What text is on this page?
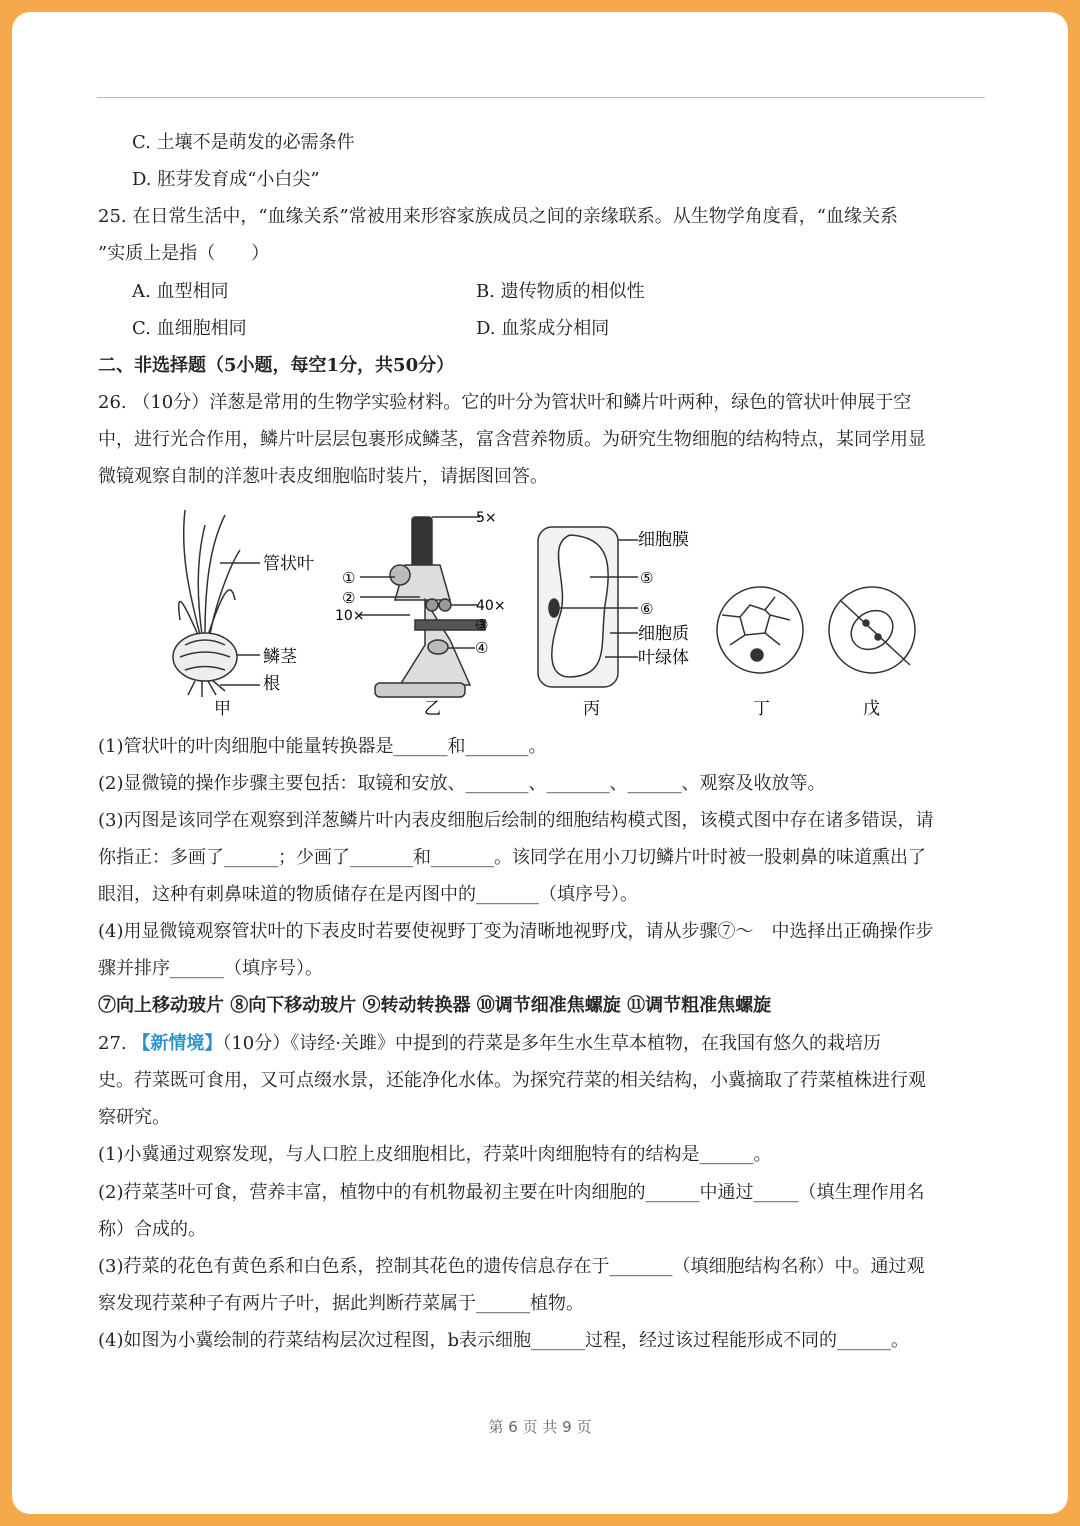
C. 土壤不是萌发的必需条件
D. 胚芽发育成“小白尖”
25. 在日常生活中，“血缘关系”常被用来形容家族成员之间的亲缘联系。从生物学角度看，“血缘关系
”实质上是指（　　）
A. 血型相同	B. 遗传物质的相似性
C. 血细胞相同	D. 血浆成分相同
二、非选择题（5小题，每空1分，共50分）
26. （10分）洋葱是常用的生物学实验材料。它的叶分为管状叶和鳞片叶两种，绿色的管状叶伸展于空
中，进行光合作用，鳞片叶层层包裹形成鳞茎，富含营养物质。为研究生物细胞的结构特点，某同学用显
微镜观察自制的洋葱叶表皮细胞临时装片，请据图回答。
管状叶
鳞茎
根
甲
5×
①
②
10×
40×
③
④
乙
细胞膜
⑤
⑥
细胞质
叶绿体
丙	丁	戊
(1)管状叶的叶肉细胞中能量转换器是______和_______。
(2)显微镜的操作步骤主要包括：取镜和安放、_______、_______、______、观察及收放等。
(3)丙图是该同学在观察到洋葱鳞片叶内表皮细胞后绘制的细胞结构模式图，该模式图中存在诸多错误，请
你指正：多画了______；少画了_______和_______。该同学在用小刀切鳞片叶时被一股刺鼻的味道熏出了
眼泪，这种有刺鼻味道的物质储存在是丙图中的_______（填序号）。
(4)用显微镜观察管状叶的下表皮时若要使视野丁变为清晰地视野戊，请从步骤⑦～　中选择出正确操作步
骤并排序______（填序号）。
⑦向上移动玻片 ⑧向下移动玻片 ⑨转动转换器 ⑩调节细准焦螺旋 ⑪调节粗准焦螺旋
27. 【新情境】（10分）《诗经·关雎》中提到的荇菜是多年生水生草本植物，在我国有悠久的栽培历
史。荇菜既可食用，又可点缀水景，还能净化水体。为探究荇菜的相关结构，小冀摘取了荇菜植株进行观
察研究。
(1)小冀通过观察发现，与人口腔上皮细胞相比，荇菜叶肉细胞特有的结构是______。
(2)荇菜茎叶可食，营养丰富，植物中的有机物最初主要在叶肉细胞的______中通过_____（填生理作用名
称）合成的。
(3)荇菜的花色有黄色系和白色系，控制其花色的遗传信息存在于_______（填细胞结构名称）中。通过观
察发现荇菜种子有两片子叶，据此判断荇菜属于______植物。
(4)如图为小冀绘制的荇菜结构层次过程图，b表示细胞______过程，经过该过程能形成不同的______。
第 6 页 共 9 页
